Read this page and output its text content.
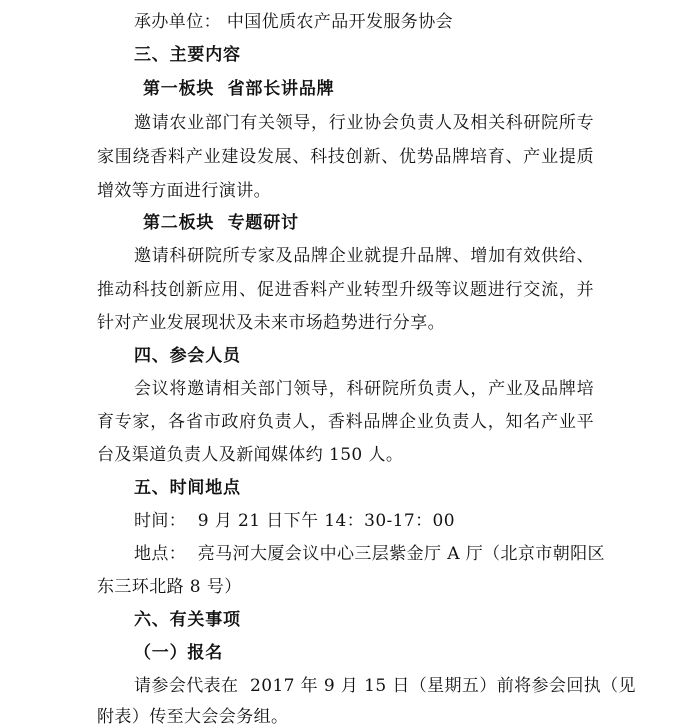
承办单位： 中国优质农产品开发服务协会
三、主要内容
第一板块  省部长讲品牌
邀请农业部门有关领导，行业协会负责人及相关科研院所专
家围绕香料产业建设发展、科技创新、优势品牌培育、产业提质
增效等方面进行演讲。
第二板块  专题研讨
邀请科研院所专家及品牌企业就提升品牌、增加有效供给、
推动科技创新应用、促进香料产业转型升级等议题进行交流，并
针对产业发展现状及未来市场趋势进行分享。
四、参会人员
会议将邀请相关部门领导，科研院所负责人，产业及品牌培
育专家，各省市政府负责人，香料品牌企业负责人，知名产业平
台及渠道负责人及新闻媒体约 150 人。
五、时间地点
时间：  9 月 21 日下午 14：30-17：00
地点：  亮马河大厦会议中心三层紫金厅 A 厅（北京市朝阳区
东三环北路 8 号）
六、有关事项
（一）报名
请参会代表在  2017 年 9 月 15 日（星期五）前将参会回执（见
附表）传至大会会务组。
